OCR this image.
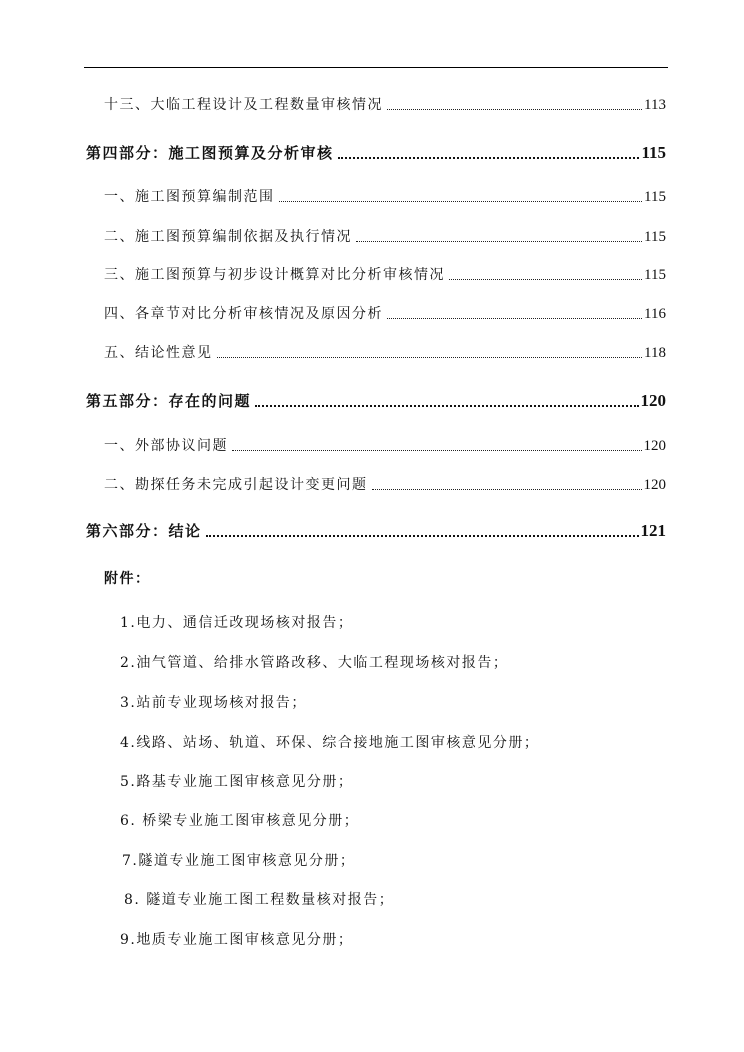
十三、大临工程设计及工程数量审核情况	113
第四部分：施工图预算及分析审核	115
一、施工图预算编制范围	115
二、施工图预算编制依据及执行情况	115
三、施工图预算与初步设计概算对比分析审核情况	115
四、各章节对比分析审核情况及原因分析	116
五、结论性意见	118
第五部分：存在的问题	120
一、外部协议问题	120
二、勘探任务未完成引起设计变更问题	120
第六部分：结论	121
附件：
1.电力、通信迁改现场核对报告；
2.油气管道、给排水管路改移、大临工程现场核对报告；
3.站前专业现场核对报告；
4.线路、站场、轨道、环保、综合接地施工图审核意见分册；
5.路基专业施工图审核意见分册；
6. 桥梁专业施工图审核意见分册；
7.隧道专业施工图审核意见分册；
8. 隧道专业施工图工程数量核对报告；
9.地质专业施工图审核意见分册；
